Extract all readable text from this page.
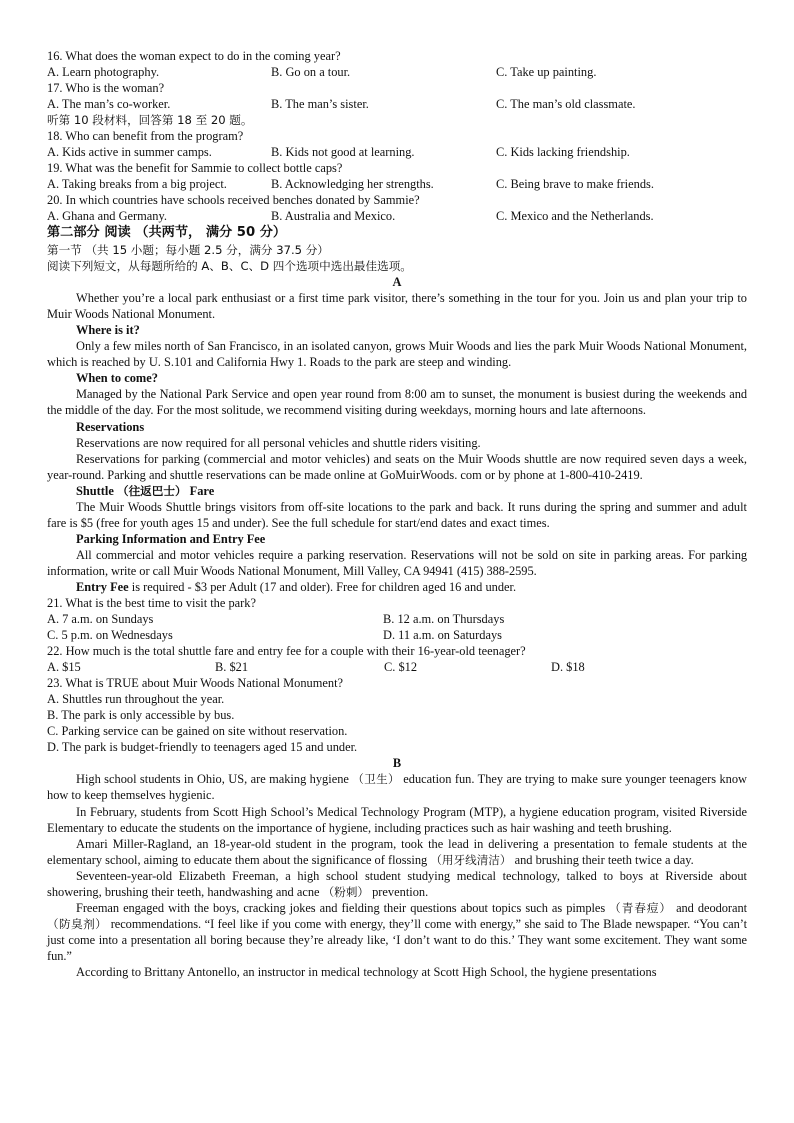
16. What does the woman expect to do in the coming year?
A. Learn photography.	B. Go on a tour.	C. Take up painting.
17. Who is the woman?
A. The man’s co-worker.	B. The man’s sister.	C. The man’s old classmate.
听第 10 段材料，回答第 18 至 20 题。
18. Who can benefit from the program?
A. Kids active in summer camps.	B. Kids not good at learning.	C. Kids lacking friendship.
19. What was the benefit for Sammie to collect bottle caps?
A. Taking breaks from a big project.	B. Acknowledging her strengths.	C. Being brave to make friends.
20. In which countries have schools received benches donated by Sammie?
A. Ghana and Germany.	B. Australia and Mexico.	C. Mexico and the Netherlands.
第二部分 阅读 （共两节， 满分 50 分）
第一节 （共 15 小题；每小题 2.5 分，满分 37.5 分）
阅读下列短文，从每题所给的 A、B、C、D 四个选项中选出最佳选项。
A

Whether you’re a local park enthusiast or a first time park visitor, there’s something in the tour for you. Join us and plan your trip to Muir Woods National Monument.

Where is it?

Only a few miles north of San Francisco, in an isolated canyon, grows Muir Woods and lies the park Muir Woods National Monument, which is reached by U. S.101 and California Hwy 1. Roads to the park are steep and winding.

When to come?

Managed by the National Park Service and open year round from 8:00 am to sunset, the monument is busiest during the weekends and the middle of the day. For the most solitude, we recommend visiting during weekdays, morning hours and late afternoons.

Reservations

Reservations are now required for all personal vehicles and shuttle riders visiting.

Reservations for parking (commercial and motor vehicles) and seats on the Muir Woods shuttle are now required seven days a week, year-round. Parking and shuttle reservations can be made online at GoMuirWoods. com or by phone at 1-800-410-2419.

Shuttle （往返巴士） Fare

The Muir Woods Shuttle brings visitors from off-site locations to the park and back. It runs during the spring and summer and adult fare is $5 (free for youth ages 15 and under). See the full schedule for start/end dates and exact times.

Parking Information and Entry Fee

All commercial and motor vehicles require a parking reservation. Reservations will not be sold on site in parking areas. For parking information, write or call Muir Woods National Monument, Mill Valley, CA 94941 (415) 388-2595.

Entry Fee is required - $3 per Adult (17 and older). Free for children aged 16 and under.

21. What is the best time to visit the park?
A. 7 a.m. on Sundays	B. 12 a.m. on Thursdays
C. 5 p.m. on Wednesdays	D. 11 a.m. on Saturdays
22. How much is the total shuttle fare and entry fee for a couple with their 16-year-old teenager?
A. $15	B. $21	C. $12	D. $18
23. What is TRUE about Muir Woods National Monument?
A. Shuttles run throughout the year.
B. The park is only accessible by bus.
C. Parking service can be gained on site without reservation.
D. The park is budget-friendly to teenagers aged 15 and under.
B

High school students in Ohio, US, are making hygiene （卫生） education fun. They are trying to make sure younger teenagers know how to keep themselves hygienic.

In February, students from Scott High School’s Medical Technology Program (MTP), a hygiene education program, visited Riverside Elementary to educate the students on the importance of hygiene, including practices such as hair washing and teeth brushing.

Amari Miller-Ragland, an 18-year-old student in the program, took the lead in delivering a presentation to female students at the elementary school, aiming to educate them about the significance of flossing （用牙线清洁） and brushing their teeth twice a day.

Seventeen-year-old Elizabeth Freeman, a high school student studying medical technology, talked to boys at Riverside about showering, brushing their teeth, handwashing and acne （粉刺） prevention.

Freeman engaged with the boys, cracking jokes and fielding their questions about topics such as pimples （青春痘） and deodorant （防臭剂） recommendations. “I feel like if you come with energy, they’ll come with energy,” she said to The Blade newspaper. “You can’t just come into a presentation all boring because they’re already like, ‘I don’t want to do this.’ They want some excitement. They want some fun.”

According to Brittany Antonello, an instructor in medical technology at Scott High School, the hygiene presentations
